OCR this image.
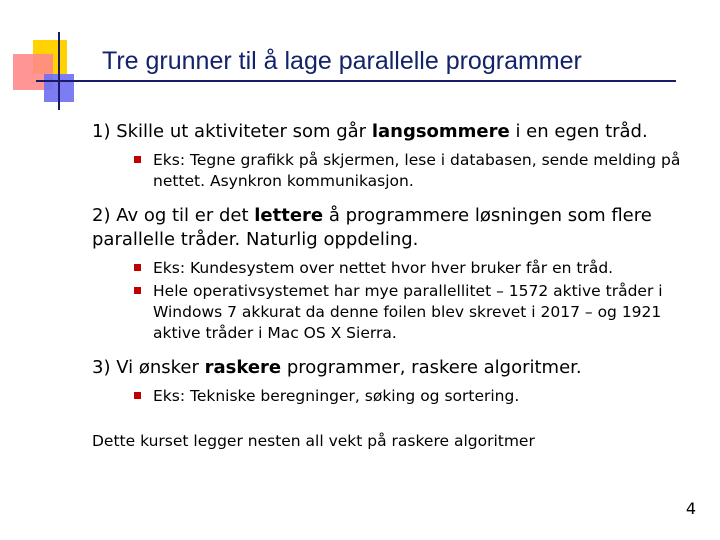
Tre grunner til å lage parallelle programmer

1) Skille ut aktiviteter som går langsommere i en egen tråd.

Eks: Tegne grafikk på skjermen, lese i databasen, sende melding på nettet. Asynkron kommunikasjon.

2) Av og til er det lettere å programmere løsningen som flere parallelle tråder. Naturlig oppdeling.

Eks: Kundesystem over nettet hvor hver bruker får en tråd.
Hele operativsystemet har mye parallellitet – 1572 aktive tråder i Windows 7 akkurat da denne foilen blev skrevet i 2017 – og 1921 aktive tråder i Mac OS X Sierra.

3) Vi ønsker raskere programmer, raskere algoritmer.

Eks: Tekniske beregninger, søking og sortering.
Dette kurset legger nesten all vekt på raskere algoritmer
4
